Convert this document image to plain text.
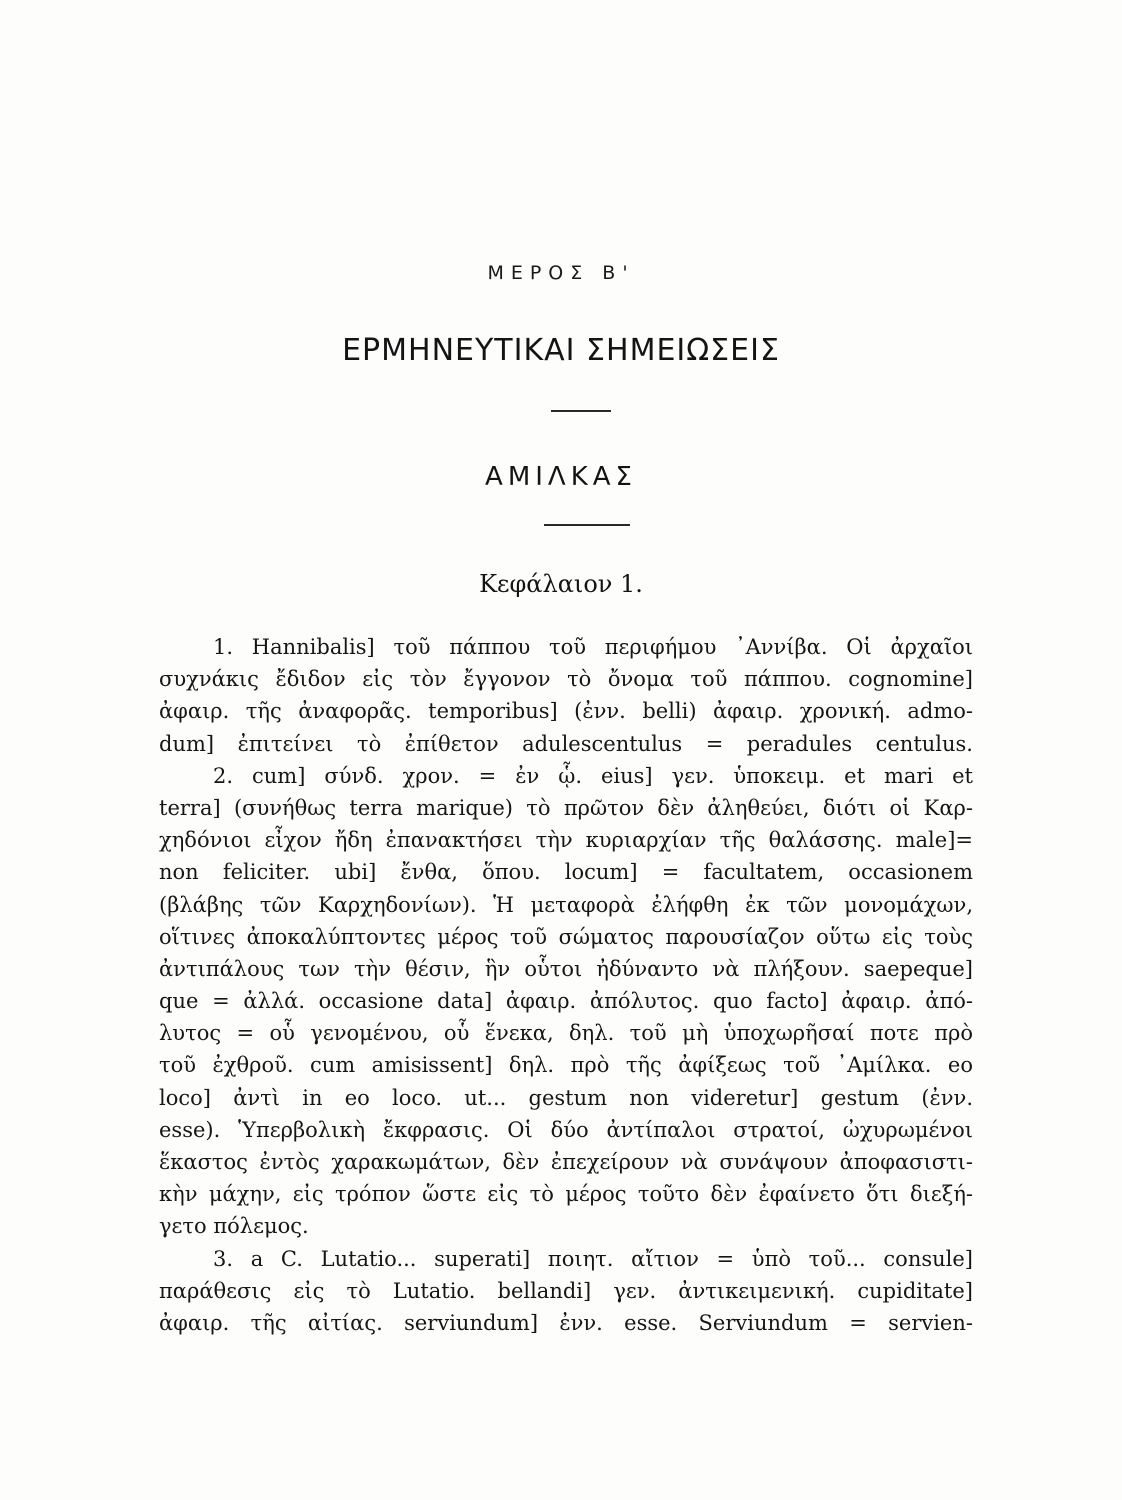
ΜΕΡΟΣ Β'
ΕΡΜΗΝΕΥΤΙΚΑΙ ΣΗΜΕΙΩΣΕΙΣ
ΑΜΙΛΚΑΣ
Κεφάλαιον 1.
1. Hannibalis] τοῦ πάππου τοῦ περιφήμου ᾿Αννίβα. Οἱ ἀρχαῖοι
συχνάκις ἔδιδον εἰς τὸν ἔγγονον τὸ ὄνομα τοῦ πάππου. cognomine]
ἀφαιρ. τῆς ἀναφορᾶς. temporibus] (ἐνν. belli) ἀφαιρ. χρονική. admo-
dum] ἐπιτείνει τὸ ἐπίθετον adulescentulus = peradules centulus.
2. cum] σύνδ. χρον. = ἐν ᾧ. eius] γεν. ὑποκειμ. et mari et
terra] (συνήθως terra marique) τὸ πρῶτον δὲν ἀληθεύει, διότι οἱ Καρ-
χηδόνιοι εἶχον ἤδη ἐπανακτήσει τὴν κυριαρχίαν τῆς θαλάσσης. male]=
non feliciter. ubi] ἔνθα, ὅπου. locum] = facultatem, occasionem
(βλάβης τῶν Καρχηδονίων). Ἡ μεταφορὰ ἐλήφθη ἐκ τῶν μονομάχων,
οἵτινες ἀποκαλύπτοντες μέρος τοῦ σώματος παρουσίαζον οὕτω εἰς τοὺς
ἀντιπάλους των τὴν θέσιν, ἣν οὗτοι ἠδύναντο νὰ πλήξουν. saepeque]
que = ἀλλά. occasione data] ἀφαιρ. ἀπόλυτος. quo facto] ἀφαιρ. ἀπό-
λυτος = οὗ γενομένου, οὗ ἕνεκα, δηλ. τοῦ μὴ ὑποχωρῆσαί ποτε πρὸ
τοῦ ἐχθροῦ. cum amisissent] δηλ. πρὸ τῆς ἀφίξεως τοῦ ᾿Αμίλκα. eo
loco] ἀντὶ in eo loco. ut... gestum non videretur] gestum (ἐνν.
esse). Ὑπερβολικὴ ἔκφρασις. Οἱ δύο ἀντίπαλοι στρατοί, ὠχυρωμένοι
ἕκαστος ἐντὸς χαρακωμάτων, δὲν ἐπεχείρουν νὰ συνάψουν ἀποφασιστι-
κὴν μάχην, εἰς τρόπον ὥστε εἰς τὸ μέρος τοῦτο δὲν ἐφαίνετο ὅτι διεξή-
γετο πόλεμος.
3. a C. Lutatio... superati] ποιητ. αἴτιον = ὑπὸ τοῦ... consule]
παράθεσις εἰς τὸ Lutatio. bellandi] γεν. ἀντικειμενική. cupiditate]
ἀφαιρ. τῆς αἰτίας. serviundum] ἐνν. esse. Serviundum = servien-
